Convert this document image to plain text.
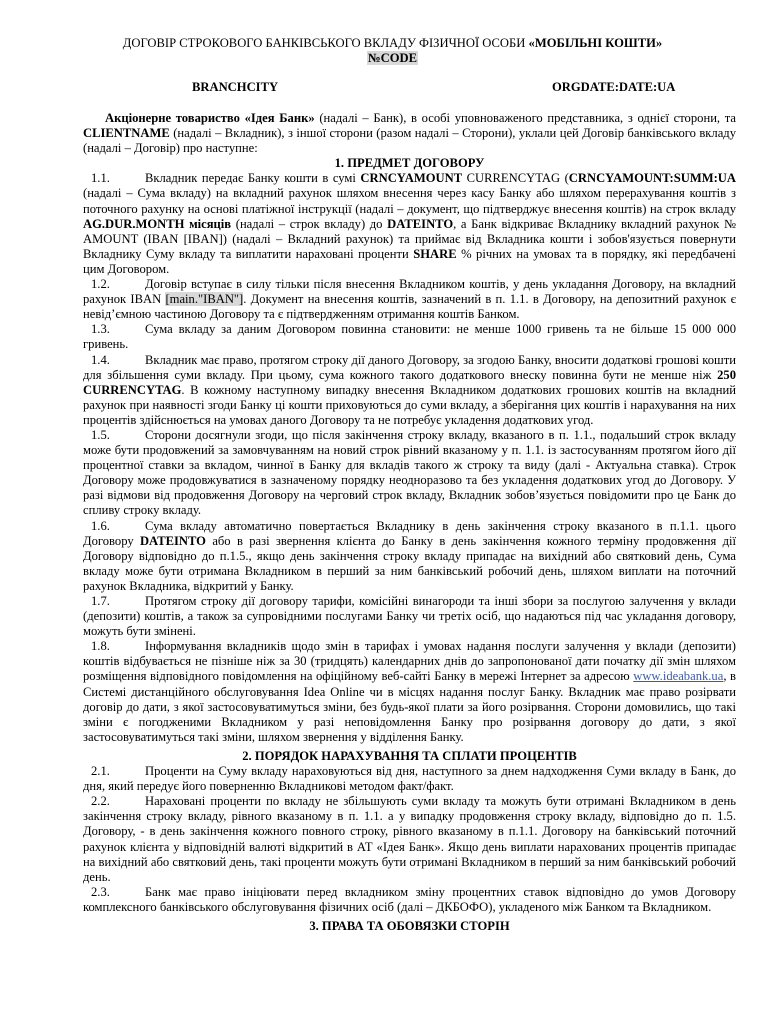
ДОГОВІР СТРОКОВОГО БАНКІВСЬКОГО ВКЛАДУ ФІЗИЧНОЇ ОСОБИ «МОБІЛЬНІ КОШТИ»
№CODE
BRANCHCITY	ORGDATE:DATE:UA

Акціонерне товариство «Ідея Банк» (надалі – Банк), в особі уповноваженого представника, з однієї сторони, та CLIENTNAME (надалі – Вкладник), з іншої сторони (разом надалі – Сторони), уклали цей Договір банківського вкладу (надалі – Договір) про наступне:

1. ПРЕДМЕТ ДОГОВОРУ

1.1.	Вкладник передає Банку кошти в сумі CRNCYAMOUNT CURRENCYTAG (CRNCYAMOUNT:SUMM:UA (надалі – Сума вкладу) на вкладний рахунок шляхом внесення через касу Банку або шляхом перерахування коштів з поточного рахунку на основі платіжної інструкції (надалі – документ, що підтверджує внесення коштів) на строк вкладу AG.DUR.MONTH місяців (надалі – строк вкладу) до DATEINTO, а Банк відкриває Вкладнику вкладний рахунок № AMOUNT (IBAN [IBAN]) (надалі – Вкладний рахунок) та приймає від Вкладника кошти і зобов'язується повернути Вкладнику Суму вкладу та виплатити нараховані проценти SHARE % річних на умовах та в порядку, які передбачені цим Договором.

1.2.	Договір вступає в силу тільки після внесення Вкладником коштів, у день укладання Договору, на вкладний рахунок IBAN [main."IBAN"]. Документ на внесення коштів, зазначений в п. 1.1. в Договору, на депозитний рахунок є невід’ємною частиною Договору та є підтвердженням отримання коштів Банком.

1.3.	Сума вкладу за даним Договором повинна становити: не менше 1000 гривень та не більше 15 000 000 гривень.

1.4.	Вкладник має право, протягом строку дії даного Договору, за згодою Банку, вносити додаткові грошові кошти для збільшення суми вкладу. При цьому, сума кожного такого додаткового внеску повинна бути не менше ніж 250 CURRENCYTAG. В кожному наступному випадку внесення Вкладником додаткових грошових коштів на вкладний рахунок при наявності згоди Банку ці кошти приховуються до суми вкладу, а зберігання цих коштів і нарахування на них процентів здійснюється на умовах даного Договору та не потребує укладення додаткових угод.

1.5.	Сторони досягнули згоди, що після закінчення строку вкладу, вказаного в п. 1.1., подальший строк вкладу може бути продовжений за замовчуванням на новий строк рівний вказаному у п. 1.1. із застосуванням протягом його дії процентної ставки за вкладом, чинної в Банку для вкладів такого ж строку та виду (далі - Актуальна ставка). Строк Договору може продовжуватися в зазначеному порядку неодноразово та без укладення додаткових угод до Договору. У разі відмови від продовження Договору на черговий строк вкладу, Вкладник зобов’язується повідомити про це Банк до спливу строку вкладу.

1.6.	Сума вкладу автоматично повертається Вкладнику в день закінчення строку вказаного в п.1.1. цього Договору DATEINTO або в разі звернення клієнта до Банку в день закінчення кожного терміну продовження дії Договору відповідно до п.1.5., якщо день закінчення строку вкладу припадає на вихідний або святковий день, Сума вкладу може бути отримана Вкладником в перший за ним банківський робочий день, шляхом виплати на поточний рахунок Вкладника, відкритий у Банку.

1.7.	Протягом строку дії договору тарифи, комісійні винагороди та інші збори за послугою залучення у вклади (депозити) коштів, а також за супровідними послугами Банку чи третіх осіб, що надаються під час укладання договору, можуть бути змінені.

1.8.	Інформування вкладників щодо змін в тарифах і умовах надання послуги залучення у вклади (депозити) коштів відбувається не пізніше ніж за 30 (тридцять) календарних днів до запропонованої дати початку дії змін шляхом розміщення відповідного повідомлення на офіційному веб-сайті Банку в мережі Інтернет за адресою www.ideabank.ua, в Системі дистанційного обслуговування Idea Online чи в місцях надання послуг Банку. Вкладник має право розірвати договір до дати, з якої застосовуватимуться зміни, без будь-якої плати за його розірвання. Сторони домовились, що такі зміни є погодженими Вкладником у разі неповідомлення Банку про розірвання договору до дати, з якої застосовуватимуться такі зміни, шляхом звернення у відділення Банку.

2. ПОРЯДОК НАРАХУВАННЯ ТА СПЛАТИ ПРОЦЕНТІВ

2.1.	Проценти на Суму вкладу нараховуються від дня, наступного за днем надходження Суми вкладу в Банк, до дня, який передує його поверненню Вкладникові методом факт/факт.

2.2.	Нараховані проценти по вкладу не збільшують суми вкладу та можуть бути отримані Вкладником в день закінчення строку вкладу, рівного вказаному в п. 1.1. а у випадку продовження строку вкладу, відповідно до п. 1.5. Договору, - в день закінчення кожного повного строку, рівного вказаному в п.1.1. Договору на банківський поточний рахунок клієнта у відповідній валюті відкритий в АТ «Ідея Банк». Якщо день виплати нарахованих процентів припадає на вихідний або святковий день, такі проценти можуть бути отримані Вкладником в перший за ним банківський робочий день.

2.3.	Банк має право ініціювати перед вкладником зміну процентних ставок відповідно до умов Договору комплексного банківського обслуговування фізичних осіб (далі – ДКБОФО), укладеного між Банком та Вкладником.

3. ПРАВА ТА ОБОВЯЗКИ СТОРІН
